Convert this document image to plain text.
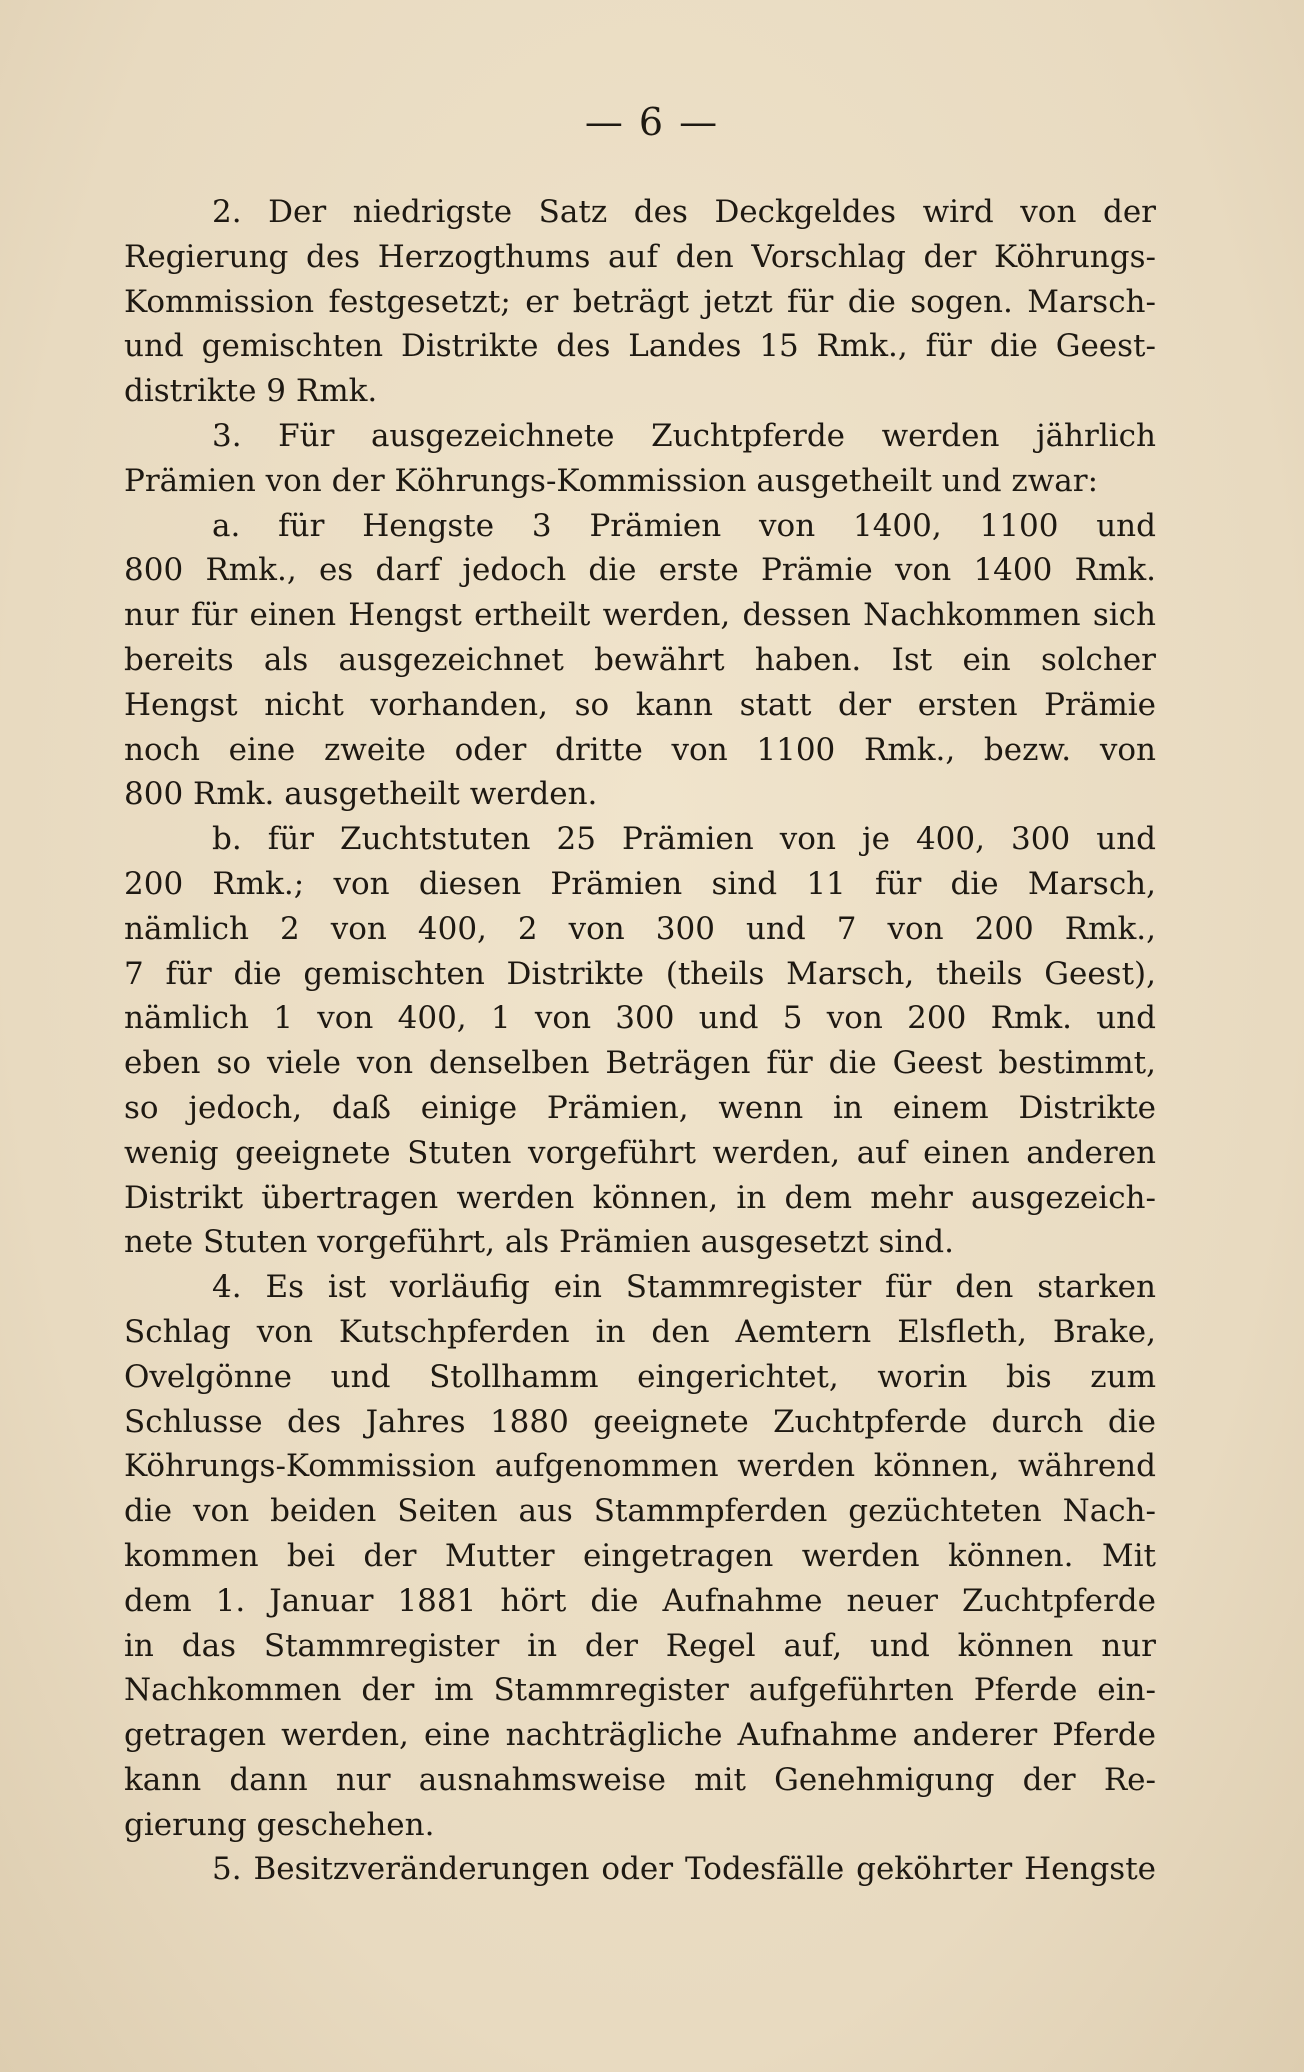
— 6 —
2. Der niedrigste Satz des Deckgeldes wird von der
Regierung des Herzogthums auf den Vorschlag der Köhrungs-
Kommission festgesetzt; er beträgt jetzt für die sogen. Marsch-
und gemischten Distrikte des Landes 15 Rmk., für die Geest-
distrikte 9 Rmk.
3. Für ausgezeichnete Zuchtpferde werden jährlich
Prämien von der Köhrungs-Kommission ausgetheilt und zwar:
a. für Hengste 3 Prämien von 1400, 1100 und
800 Rmk., es darf jedoch die erste Prämie von 1400 Rmk.
nur für einen Hengst ertheilt werden, dessen Nachkommen sich
bereits als ausgezeichnet bewährt haben. Ist ein solcher
Hengst nicht vorhanden, so kann statt der ersten Prämie
noch eine zweite oder dritte von 1100 Rmk., bezw. von
800 Rmk. ausgetheilt werden.
b. für Zuchtstuten 25 Prämien von je 400, 300 und
200 Rmk.; von diesen Prämien sind 11 für die Marsch,
nämlich 2 von 400, 2 von 300 und 7 von 200 Rmk.,
7 für die gemischten Distrikte (theils Marsch, theils Geest),
nämlich 1 von 400, 1 von 300 und 5 von 200 Rmk. und
eben so viele von denselben Beträgen für die Geest bestimmt,
so jedoch, daß einige Prämien, wenn in einem Distrikte
wenig geeignete Stuten vorgeführt werden, auf einen anderen
Distrikt übertragen werden können, in dem mehr ausgezeich-
nete Stuten vorgeführt, als Prämien ausgesetzt sind.
4. Es ist vorläufig ein Stammregister für den starken
Schlag von Kutschpferden in den Aemtern Elsfleth, Brake,
Ovelgönne und Stollhamm eingerichtet, worin bis zum
Schlusse des Jahres 1880 geeignete Zuchtpferde durch die
Köhrungs-Kommission aufgenommen werden können, während
die von beiden Seiten aus Stammpferden gezüchteten Nach-
kommen bei der Mutter eingetragen werden können. Mit
dem 1. Januar 1881 hört die Aufnahme neuer Zuchtpferde
in das Stammregister in der Regel auf, und können nur
Nachkommen der im Stammregister aufgeführten Pferde ein-
getragen werden, eine nachträgliche Aufnahme anderer Pferde
kann dann nur ausnahmsweise mit Genehmigung der Re-
gierung geschehen.
5. Besitzveränderungen oder Todesfälle geköhrter Hengste
